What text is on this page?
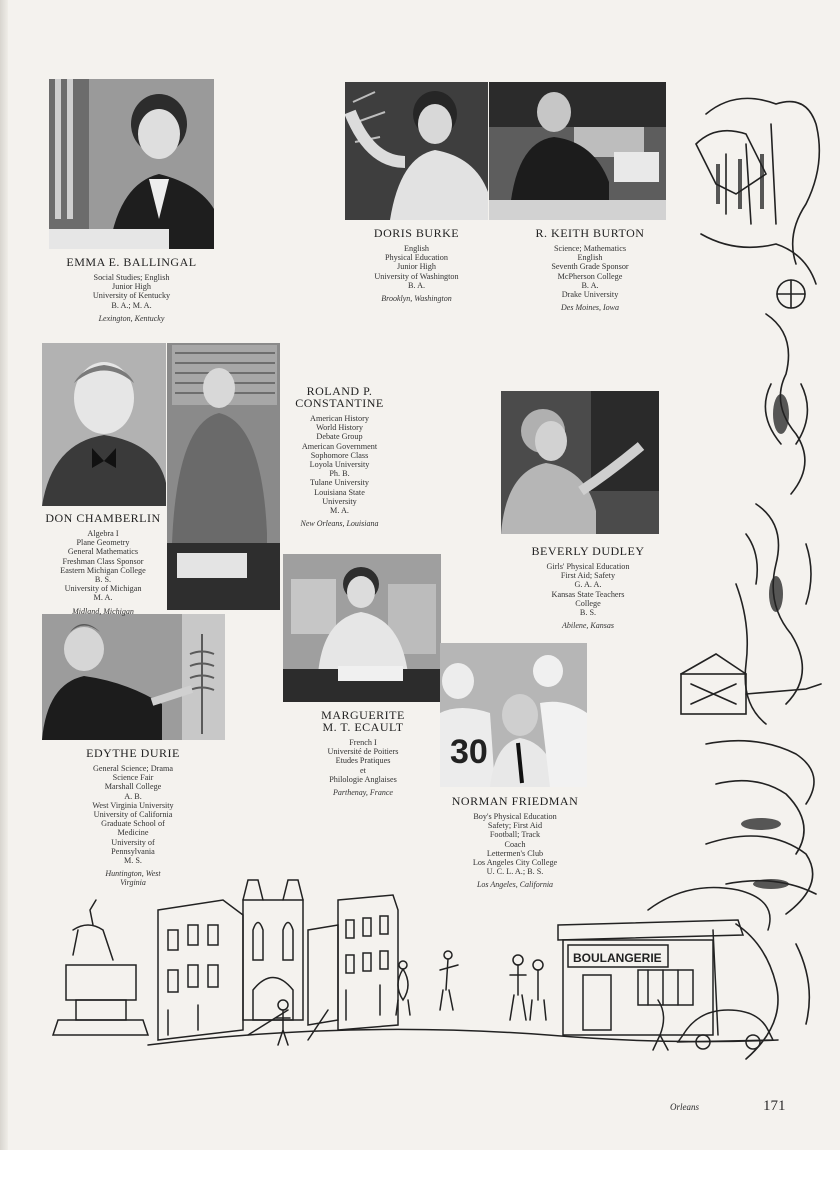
30
EMMA E. BALLINGAL
Social Studies; English
Junior High
University of Kentucky
B. A.; M. A.
Lexington, Kentucky
DORIS BURKE
English
Physical Education
Junior High
University of Washington
B. A.
Brooklyn, Washington
R. KEITH BURTON
Science; Mathematics
English
Seventh Grade Sponsor
McPherson College
B. A.
Drake University
Des Moines, Iowa
ROLAND P. CONSTANTINE
American History
World History
Debate Group
American Government
Sophomore Class
Loyola University
Ph. B.
Tulane University
Louisiana State
University
M. A.
New Orleans, Louisiana
DON CHAMBERLIN
Algebra I
Plane Geometry
General Mathematics
Freshman Class Sponsor
Eastern Michigan College
B. S.
University of Michigan
M. A.
Midland, Michigan
BEVERLY DUDLEY
Girls' Physical Education
First Aid; Safety
G. A. A.
Kansas State Teachers
College
B. S.
Abilene, Kansas
EDYTHE DURIE
General Science; Drama
Science Fair
Marshall College
A. B.
West Virginia University
University of California
Graduate School of
Medicine
University of
Pennsylvania
M. S.
Huntington, West Virginia
MARGUERITE M. T. ECAULT
French I
Université de Poitiers
Etudes Pratiques
et
Philologie Anglaises
Parthenay, France
NORMAN FRIEDMAN
Boy's Physical Education
Safety; First Aid
Football; Track
Coach
Lettermen's Club
Los Angeles City College
U. C. L. A.; B. S.
Los Angeles, California
BOULANGERIE
Orleans	171
